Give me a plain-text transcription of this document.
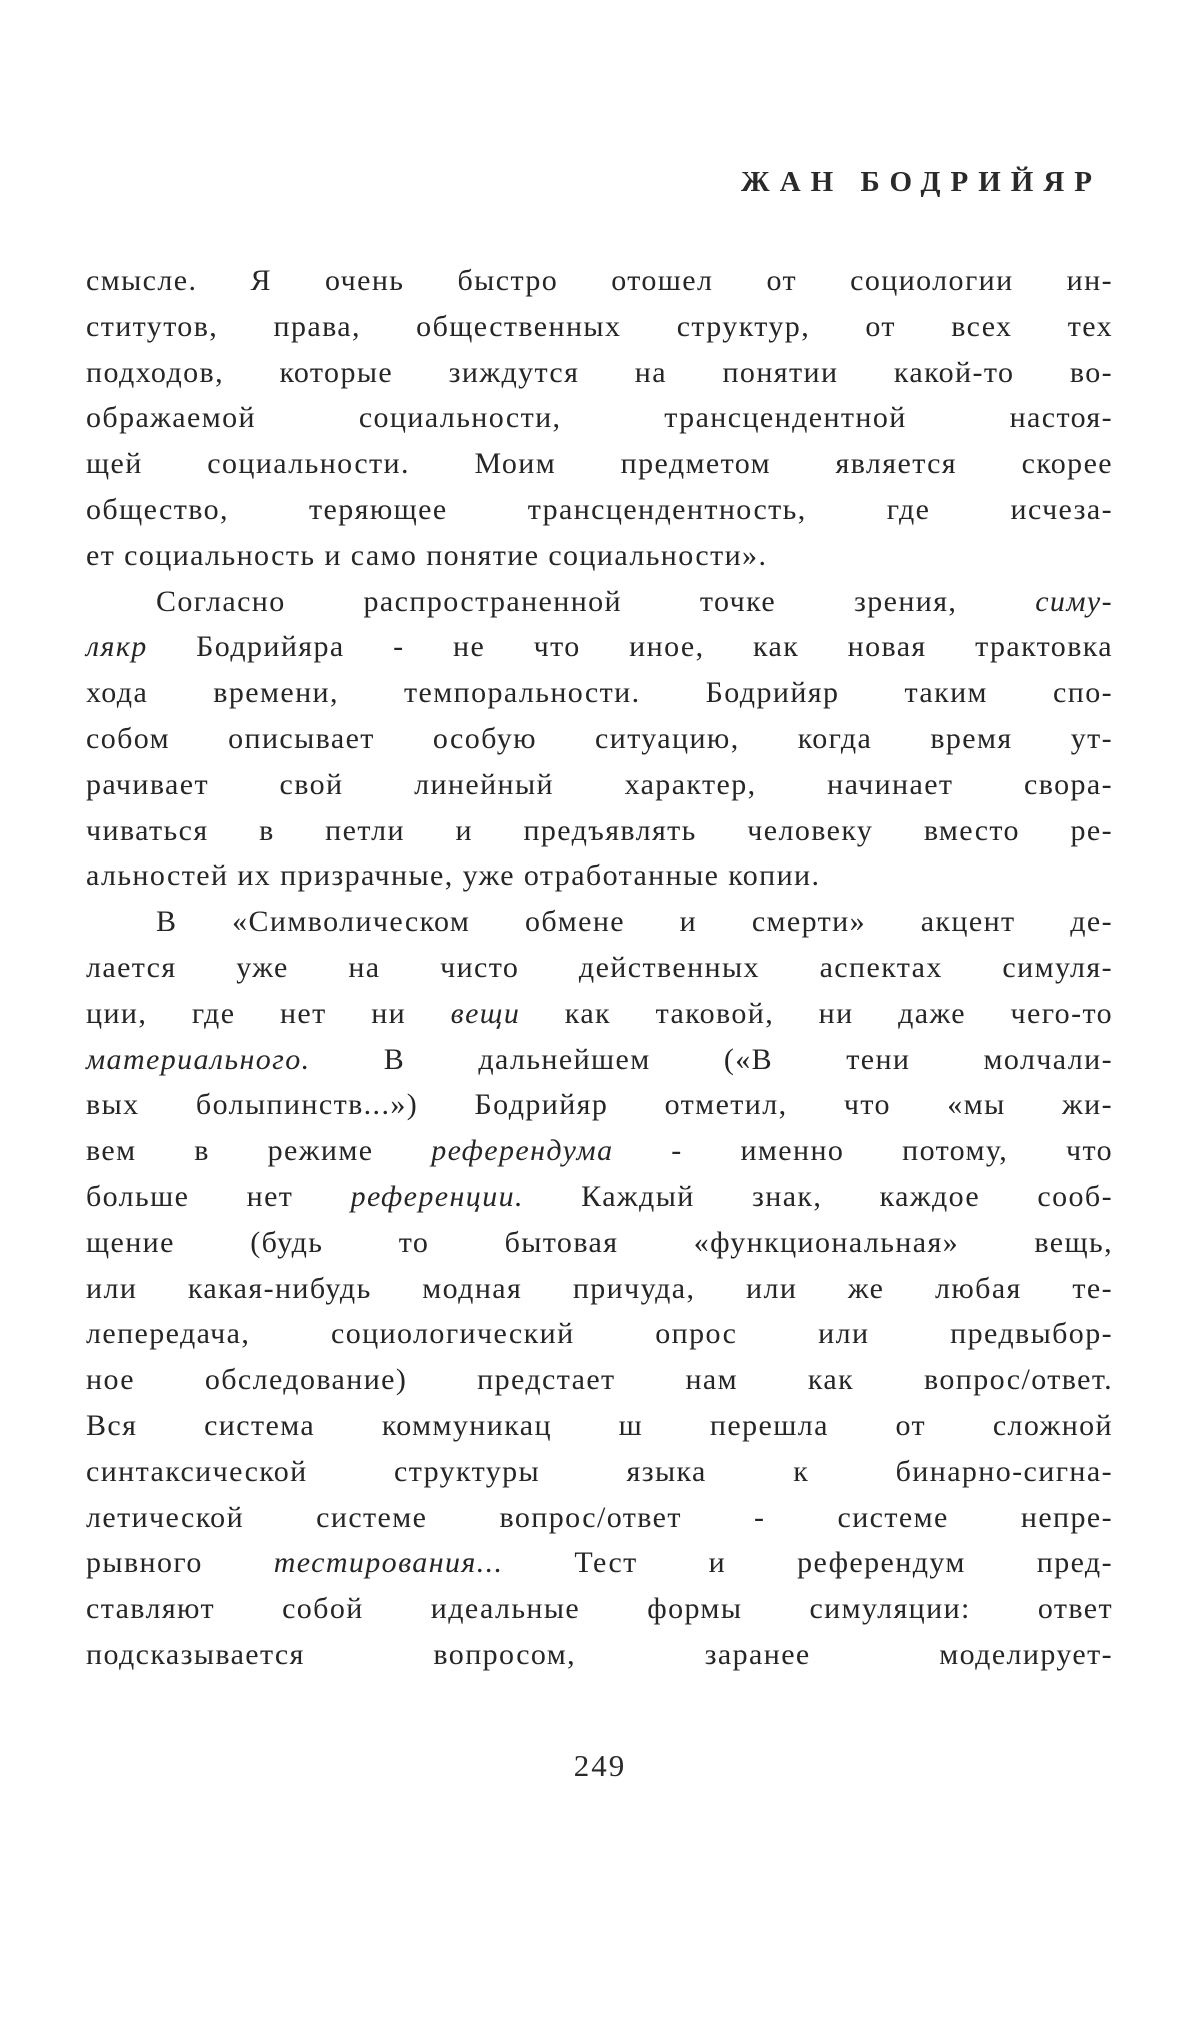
ЖАН БОДРИЙЯР
смысле. Я очень быстро отошел от социологии ин-
ститутов, права, общественных структур, от всех тех
подходов, которые зиждутся на понятии какой-то во-
ображаемой социальности, трансцендентной настоя-
щей социальности. Моим предметом является скорее
общество, теряющее трансцендентность, где исчеза-
ет социальность и само понятие социальности».
Согласно распространенной точке зрения, симу-
лякр Бодрийяра - не что иное, как новая трактовка
хода времени, темпоральности. Бодрийяр таким спо-
собом описывает особую ситуацию, когда время ут-
рачивает свой линейный характер, начинает свора-
чиваться в петли и предъявлять человеку вместо ре-
альностей их призрачные, уже отработанные копии.
В «Символическом обмене и смерти» акцент де-
лается уже на чисто действенных аспектах симуля-
ции, где нет ни вещи как таковой, ни даже чего-то
материального. В дальнейшем («В тени молчали-
вых болыпинств...») Бодрийяр отметил, что «мы жи-
вем в режиме референдума - именно потому, что
больше нет референции. Каждый знак, каждое сооб-
щение (будь то бытовая «функциональная» вещь,
или какая-нибудь модная причуда, или же любая те-
лепередача, социологический опрос или предвыбор-
ное обследование) предстает нам как вопрос/ответ.
Вся система коммуникац ш перешла от сложной
синтаксической структуры языка к бинарно-сигна-
летической системе вопрос/ответ - системе непре-
рывного тестирования... Тест и референдум пред-
ставляют собой идеальные формы симуляции: ответ
подсказывается вопросом, заранее моделирует-
249
